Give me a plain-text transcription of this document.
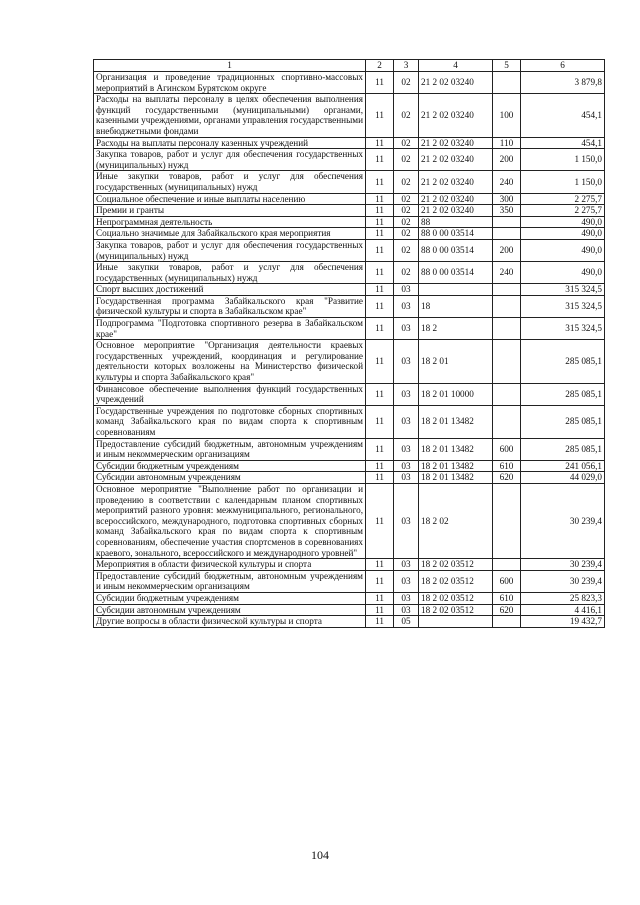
1	2	3	4	5	6
Организация и проведение традиционных спортивно-массовых мероприятий в Агинском Бурятском округе	11	02	21 2 02 03240		3 879,8
Расходы на выплаты персоналу в целях обеспечения выполнения функций государственными (муниципальными) органами, казенными учреждениями, органами управления государственными внебюджетными фондами	11	02	21 2 02 03240	100	454,1
Расходы на выплаты персоналу казенных учреждений	11	02	21 2 02 03240	110	454,1
Закупка товаров, работ и услуг для обеспечения государственных (муниципальных) нужд	11	02	21 2 02 03240	200	1 150,0
Иные закупки товаров, работ и услуг для обеспечения государственных (муниципальных) нужд	11	02	21 2 02 03240	240	1 150,0
Социальное обеспечение и иные выплаты населению	11	02	21 2 02 03240	300	2 275,7
Премии и гранты	11	02	21 2 02 03240	350	2 275,7
Непрограммная деятельность	11	02	88		490,0
Социально значимые для Забайкальского края мероприятия	11	02	88 0 00 03514		490,0
Закупка товаров, работ и услуг для обеспечения государственных (муниципальных) нужд	11	02	88 0 00 03514	200	490,0
Иные закупки товаров, работ и услуг для обеспечения государственных (муниципальных) нужд	11	02	88 0 00 03514	240	490,0
Спорт высших достижений	11	03			315 324,5
Государственная программа Забайкальского края "Развитие физической культуры и спорта в Забайкальском крае"	11	03	18		315 324,5
Подпрограмма "Подготовка спортивного резерва в Забайкальском крае"	11	03	18 2		315 324,5
Основное мероприятие "Организация деятельности краевых государственных учреждений, координация и регулирование деятельности которых возложены на Министерство физической культуры и спорта Забайкальского края"	11	03	18 2 01		285 085,1
Финансовое обеспечение выполнения функций государственных учреждений	11	03	18 2 01 10000		285 085,1
Государственные учреждения по подготовке сборных спортивных команд Забайкальского края по видам спорта к спортивным соревнованиям	11	03	18 2 01 13482		285 085,1
Предоставление субсидий бюджетным, автономным учреждениям и иным некоммерческим организациям	11	03	18 2 01 13482	600	285 085,1
Субсидии бюджетным учреждениям	11	03	18 2 01 13482	610	241 056,1
Субсидии автономным учреждениям	11	03	18 2 01 13482	620	44 029,0
Основное мероприятие "Выполнение работ по организации и проведению в соответствии с календарным планом спортивных мероприятий разного уровня: межмуниципального, регионального, всероссийского, международного, подготовка спортивных сборных команд Забайкальского края по видам спорта к спортивным соревнованиям, обеспечение участия спортсменов в соревнованиях краевого, зонального, всероссийского и международного уровней"	11	03	18 2 02		30 239,4
Мероприятия в области физической культуры и спорта	11	03	18 2 02 03512		30 239,4
Предоставление субсидий бюджетным, автономным учреждениям и иным некоммерческим организациям	11	03	18 2 02 03512	600	30 239,4
Субсидии бюджетным учреждениям	11	03	18 2 02 03512	610	25 823,3
Субсидии автономным учреждениям	11	03	18 2 02 03512	620	4 416,1
Другие вопросы в области физической культуры и спорта	11	05			19 432,7
104
